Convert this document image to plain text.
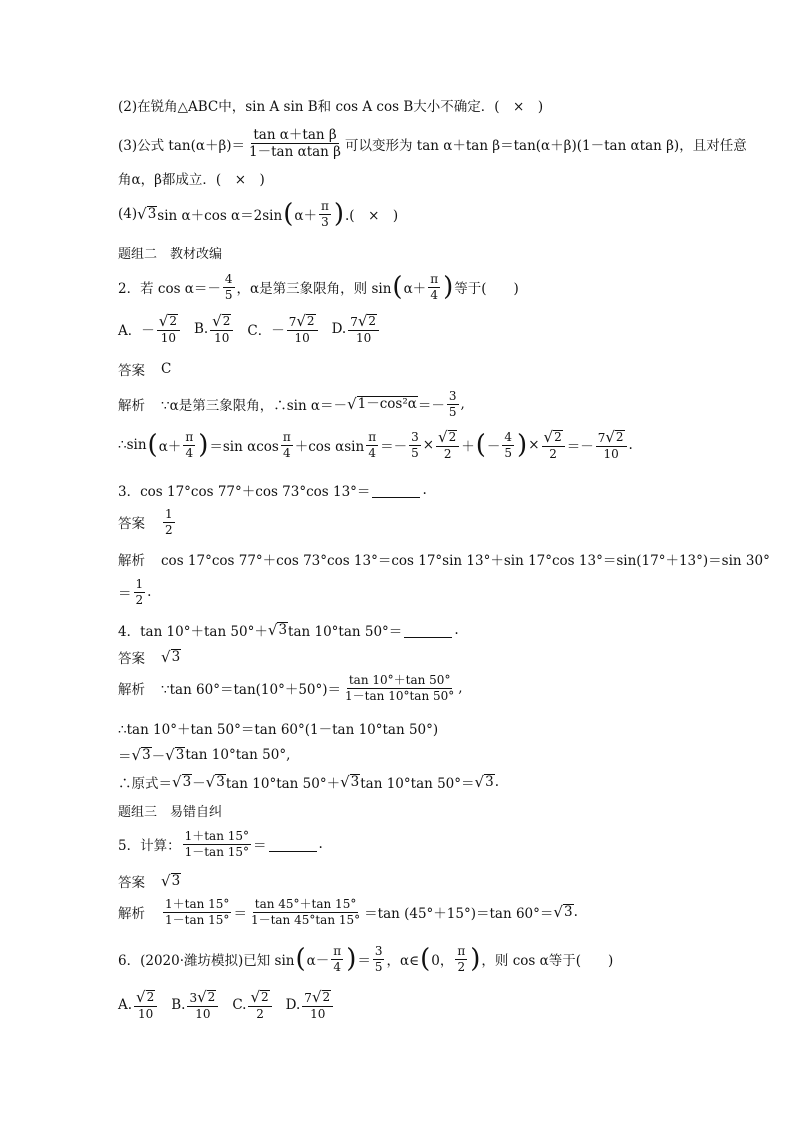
(2)在锐角△ABC中，sin A sin B和 cos A cos B大小不确定．(　×　)
(3)公式 $\tan(\alpha+\beta)= \frac{\text{tan α＋tan β}}{\text{1－tan αtan β}}$ 可以变形为 tan α＋tan β＝tan(α＋β)(1－tan αtan β)，且对任意
角α，β都成立．(　×　)
(4) √ 3 sin α＋cos α＝2sin ( $\alpha+ \frac{\pi}{3}$ ) .(　×　)
题组二　教材改编
2．若 $\cos \alpha=- \frac{4}{5}$ ，α是第三象限角，则 sin ( $\alpha+ \frac{\pi}{4}$ ) 等于(　　)
A．－ $\frac{√ 2}{10} B$. $\frac{√ 2}{10}$ C．－ $\frac{7 √ 2}{10} D$. $\frac{7 √ 2}{10}$
答案 C
解析 ∵α是第三象限角，∴sin α＝－ √ $1-\cos^2\alpha =- \frac{3}{5}$ ,
∴sin ( $\alpha+ \frac{\pi}{4}$ ) ＝sin αcos $\frac{\pi}{4} +\cos$ αsin $\frac{\pi}{4} =- \frac{3}{5} \times \frac{√ 2}{2}$ ＋ ( － $\frac{4}{5}$ ) × $\frac{√ 2}{2} =- \frac{7 √ 2}{10}$ .
3．cos 17°cos 77°＋cos 73°cos 13°＝	.
答案 $\frac{1}{2}$
解析 cos 17°cos 77°＋cos 73°cos 13°＝cos 17°sin 13°＋sin 17°cos 13°＝sin(17°＋13°)＝sin 30°
＝ $\frac{1}{2}$ .
4．tan 10°＋tan 50°＋ √ 3 tan 10°tan 50°＝	.
答案 √ 3
解析 ∵tan $60^\circ=\tan(10^\circ+50^\circ)= \frac{\tan 10^\circ+\tan 50^\circ}{1-\tan 10^\circ\tan 50^\circ}$ ,
∴tan 10°＋tan 50°＝tan 60°(1－tan 10°tan 50°)
＝ √ 3 － √ 3 tan 10°tan 50°,
∴原式＝ √ 3 － √ 3 tan 10°tan 50°＋ √ 3 tan 10°tan 50°＝ √ 3 .
题组三　易错自纠
5．计算： $\frac{1+\tan 15^\circ}{1-\tan 15^\circ}$ ＝	.
答案 √ 3
解析 $\frac{1+\tan 15^\circ}{1-\tan 15^\circ} = \frac{\tan 45^\circ+\tan 15^\circ}{1-\tan 45^\circ\tan 15^\circ} =\tan$ (45°＋15°)＝tan 60°＝ √ 3 .
6．(2020·潍坊模拟)已知 sin ( $\alpha- \frac{\pi}{4}$ ) ＝ $\frac{3}{5}$ ，α∈ ( 0， $\frac{\pi}{2}$ ) ，则 cos α等于(　　)
A. $\frac{√ 2}{10} B$. $\frac{3 √ 2}{10} C$. $\frac{√ 2}{2} D$. $\frac{7 √ 2}{10}$
